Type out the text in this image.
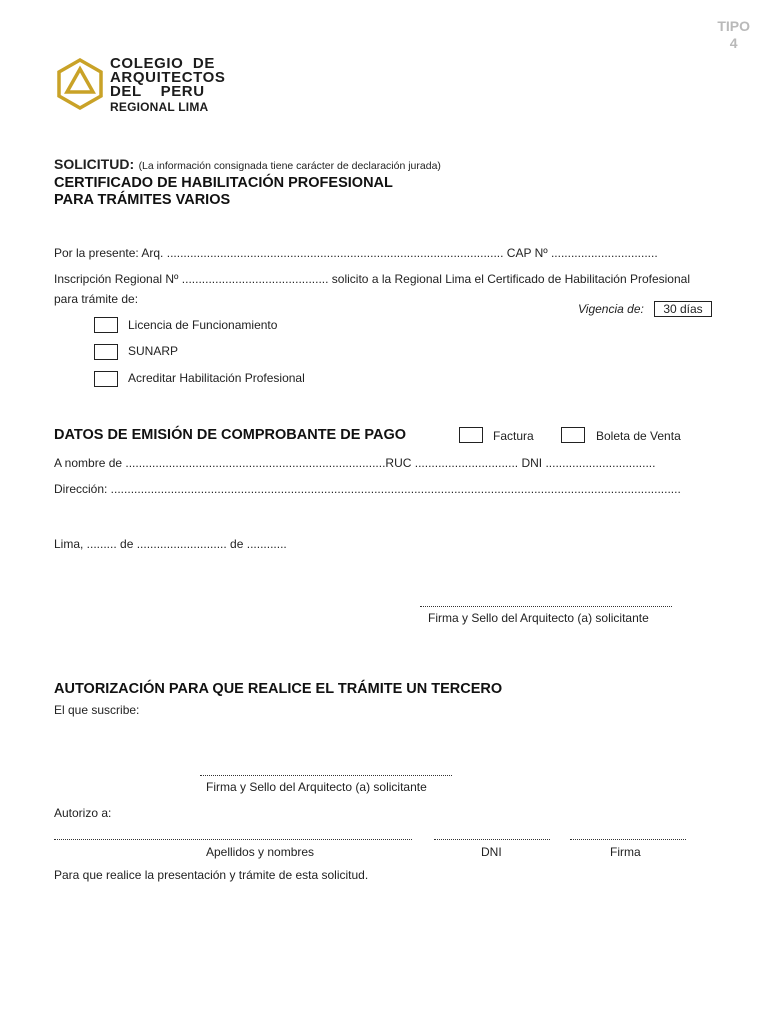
TIPO
4
COLEGIO  DE
ARQUITECTOS
DEL    PERU
REGIONAL LIMA
SOLICITUD: (La información consignada tiene carácter de declaración jurada)
CERTIFICADO DE HABILITACIÓN PROFESIONAL
PARA TRÁMITES VARIOS
Por la presente: Arq. ..................................................................................................... CAP Nº ................................
Inscripción Regional Nº ............................................ solicito a la Regional Lima el Certificado de Habilitación Profesional
para trámite de:
Vigencia de:	30 días
Licencia de Funcionamiento
SUNARP
Acreditar Habilitación Profesional
DATOS DE EMISIÓN DE COMPROBANTE DE PAGO	Factura	Boleta de Venta
A nombre de ..............................................................................RUC ............................... DNI .................................
Dirección: ...........................................................................................................................................................................
Lima, ......... de ........................... de ............
Firma y Sello del Arquitecto (a) solicitante
AUTORIZACIÓN PARA QUE REALICE EL TRÁMITE UN TERCERO
El que suscribe:
Firma y Sello del Arquitecto (a) solicitante
Autorizo a:
Apellidos y nombres	DNI	Firma
Para que realice la presentación y trámite de esta solicitud.
